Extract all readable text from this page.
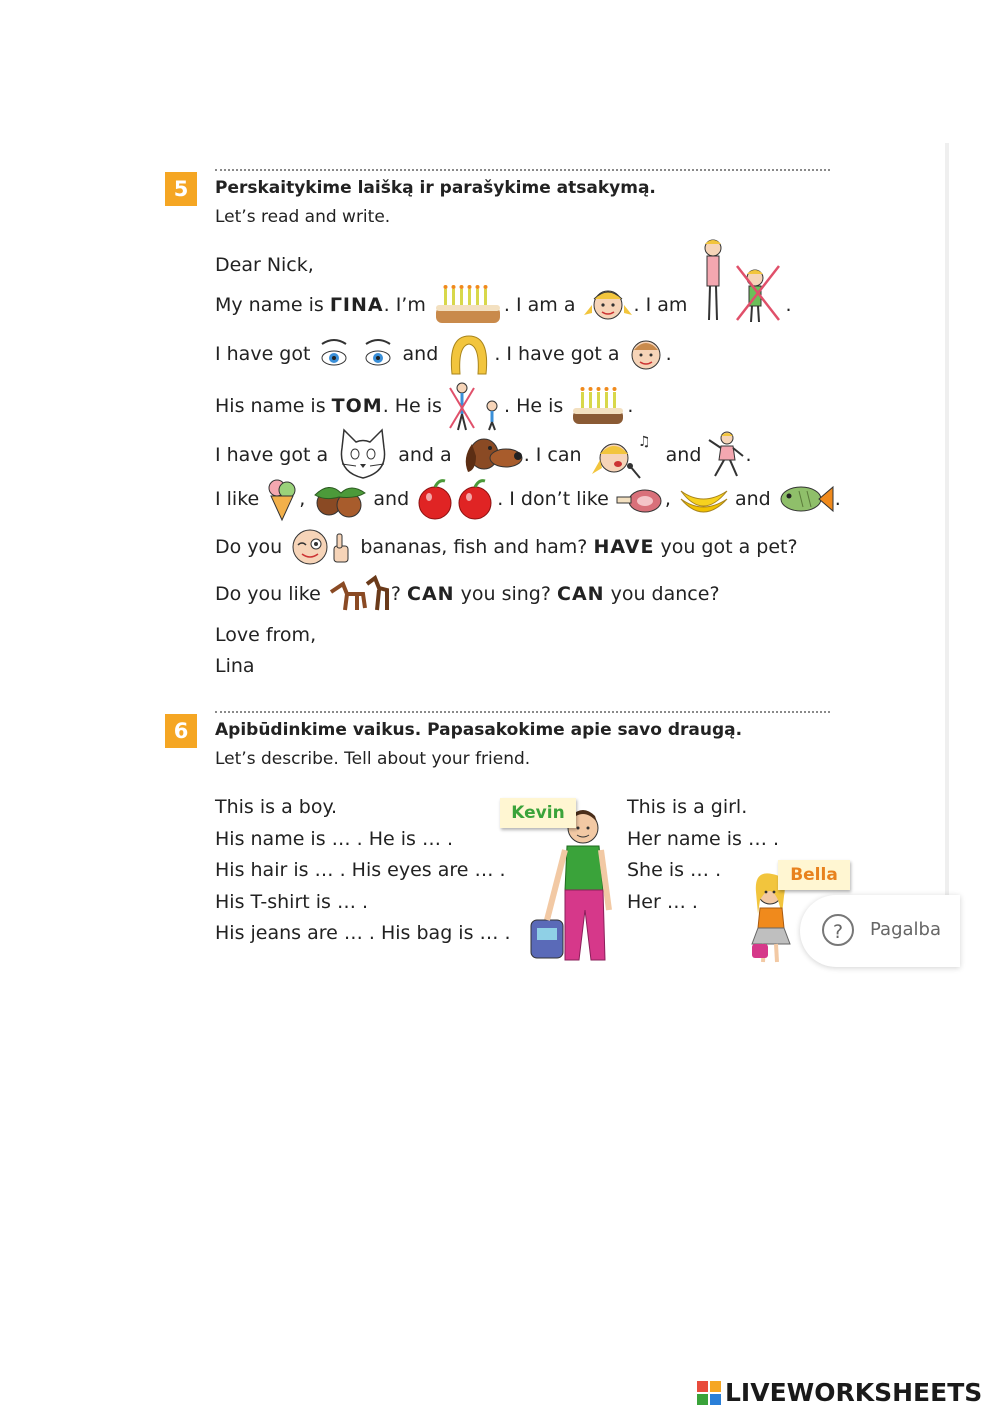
5	Perskaitykime laišką ir parašykime atsakymą.
Let’s read and write.
Dear Nick,
My name is ΓINA. I’m	. I am a	. I am	.
I have got	and	. I have got a .
His name is TOM. He is	. He is	.
I have got a	and a	. I can
♫
and .
I like ,	and	. I don’t like	,	and	.
Do you	bananas, fish and ham? HAVE you got a pet?
Do you like	? CAN you sing? CAN you dance?
Love from,
Lina
6	Apibūdinkime vaikus. Papasakokime apie savo draugą.
Let’s describe. Tell about your friend.
This is a boy.
His name is … . He is … .
His hair is … . His eyes are … .
His T-shirt is … .
His jeans are … . His bag is … .
This is a girl.
Her name is … .
She is … .
Her … .
Kevin
Bella
?	Pagalba
LIVEWORKSHEETS
